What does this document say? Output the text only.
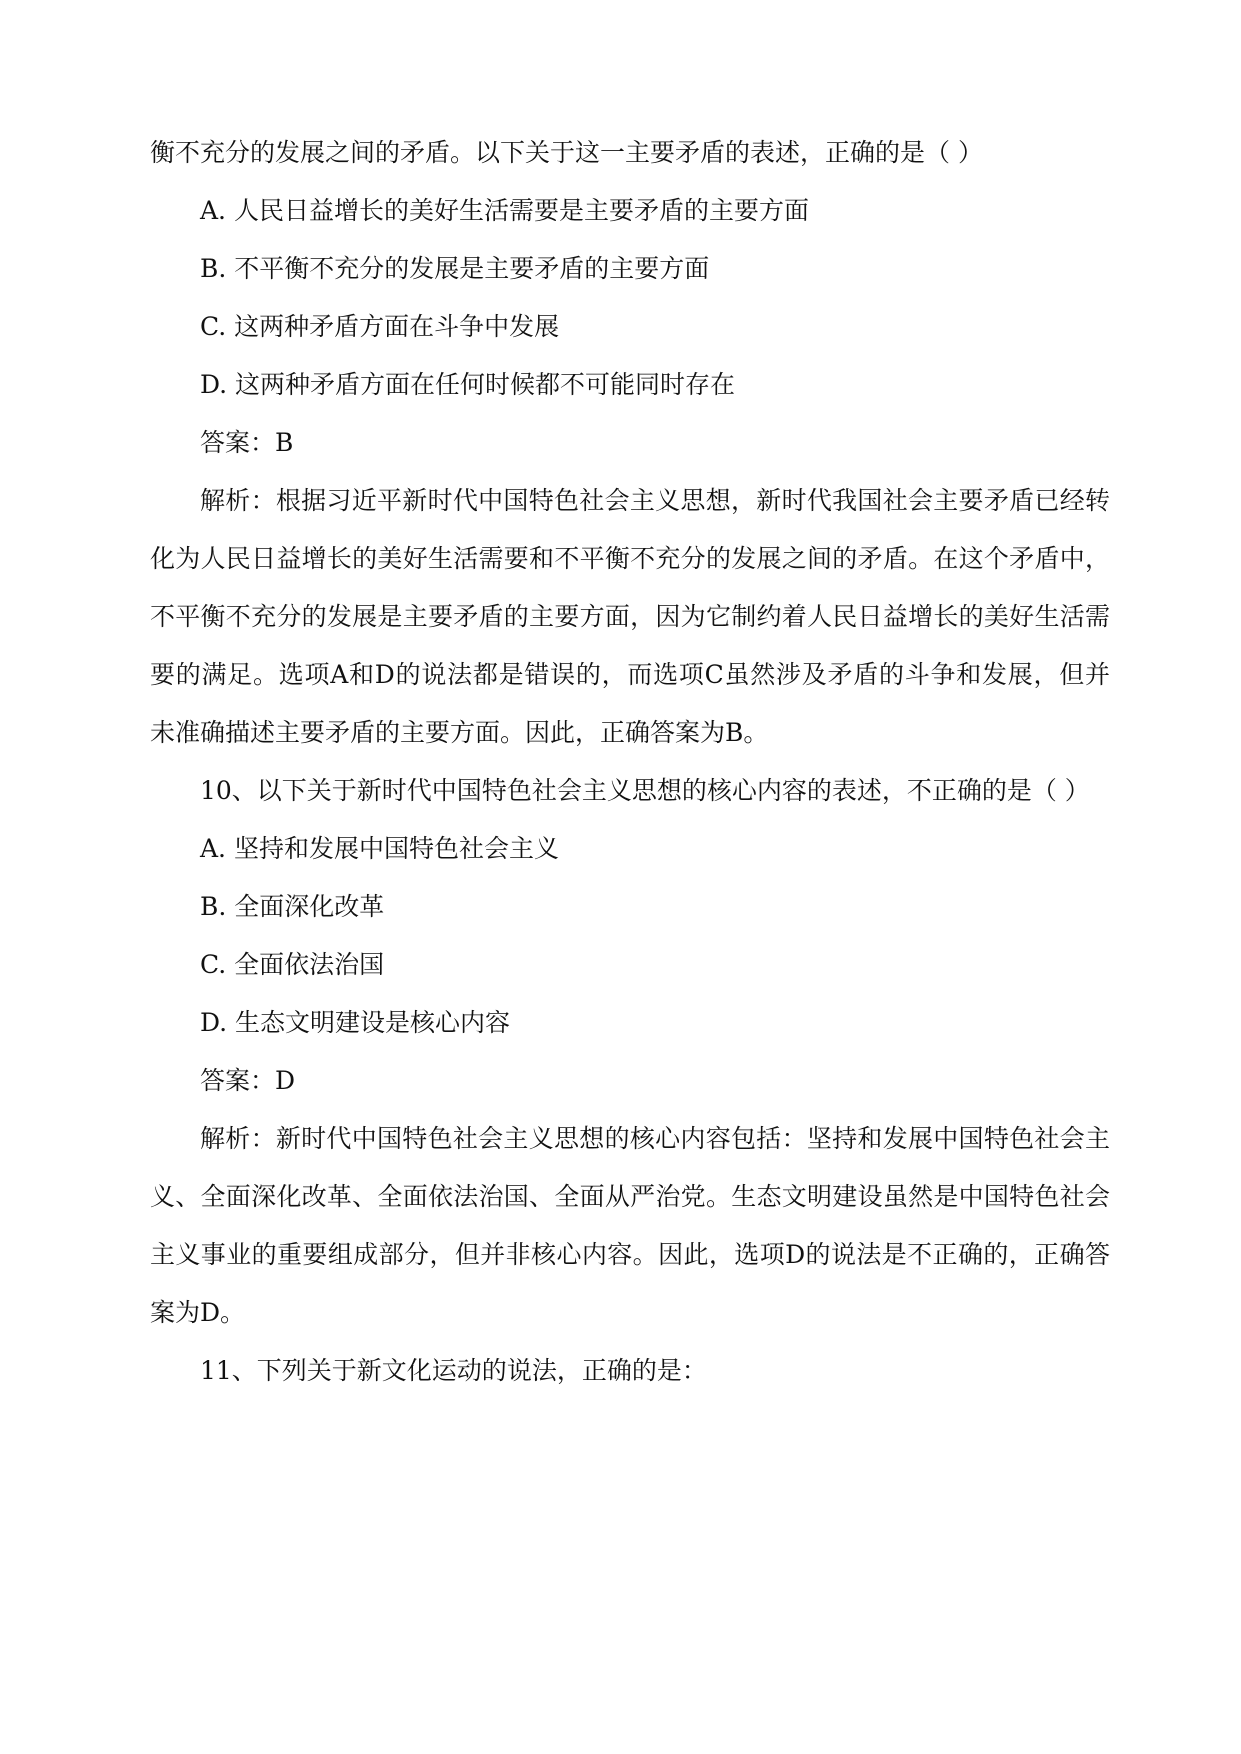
衡不充分的发展之间的矛盾。以下关于这一主要矛盾的表述，正确的是（ ）
A. 人民日益增长的美好生活需要是主要矛盾的主要方面
B. 不平衡不充分的发展是主要矛盾的主要方面
C. 这两种矛盾方面在斗争中发展
D. 这两种矛盾方面在任何时候都不可能同时存在
答案：B
解析：根据习近平新时代中国特色社会主义思想，新时代我国社会主要矛盾已经转
化为人民日益增长的美好生活需要和不平衡不充分的发展之间的矛盾。在这个矛盾中，
不平衡不充分的发展是主要矛盾的主要方面，因为它制约着人民日益增长的美好生活需
要的满足。选项A和D的说法都是错误的，而选项C虽然涉及矛盾的斗争和发展，但并
未准确描述主要矛盾的主要方面。因此，正确答案为B。
10、以下关于新时代中国特色社会主义思想的核心内容的表述，不正确的是（ ）
A. 坚持和发展中国特色社会主义
B. 全面深化改革
C. 全面依法治国
D. 生态文明建设是核心内容
答案：D
解析：新时代中国特色社会主义思想的核心内容包括：坚持和发展中国特色社会主
义、全面深化改革、全面依法治国、全面从严治党。生态文明建设虽然是中国特色社会
主义事业的重要组成部分，但并非核心内容。因此，选项D的说法是不正确的，正确答
案为D。
11、下列关于新文化运动的说法，正确的是：
